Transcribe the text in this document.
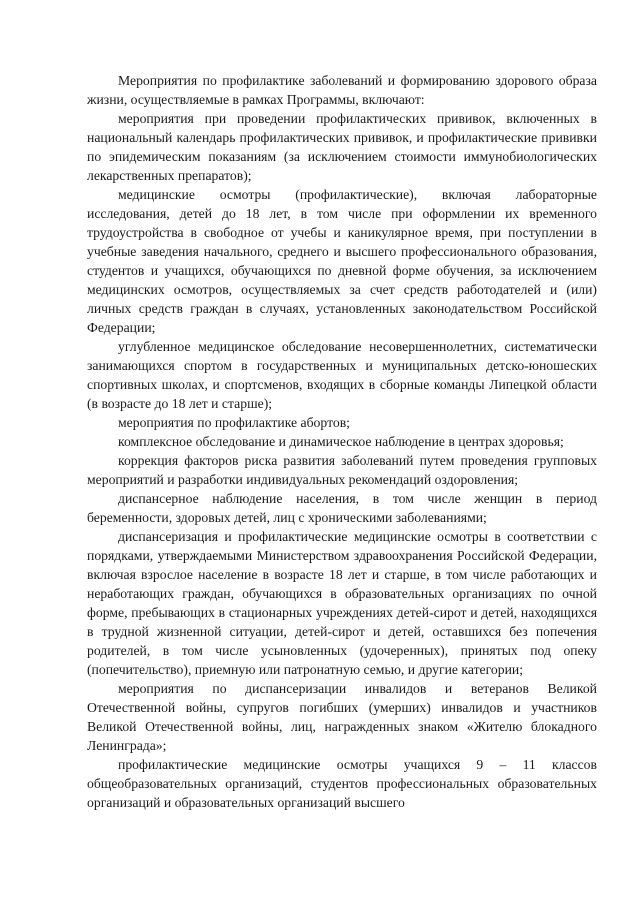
Мероприятия по профилактике заболеваний и формированию здорового образа жизни, осуществляемые в рамках Программы, включают:

мероприятия при проведении профилактических прививок, включенных в национальный календарь профилактических прививок, и профилактические прививки по эпидемическим показаниям (за исключением стоимости иммунобиологических лекарственных препаратов);

медицинские осмотры (профилактические), включая лабораторные исследования, детей до 18 лет, в том числе при оформлении их временного трудоустройства в свободное от учебы и каникулярное время, при поступлении в учебные заведения начального, среднего и высшего профессионального образования, студентов и учащихся, обучающихся по дневной форме обучения, за исключением медицинских осмотров, осуществляемых за счет средств работодателей и (или) личных средств граждан в случаях, установленных законодательством Российской Федерации;

углубленное медицинское обследование несовершеннолетних, систематически занимающихся спортом в государственных и муниципальных детско-юношеских спортивных школах, и спортсменов, входящих в сборные команды Липецкой области (в возрасте до 18 лет и старше);

мероприятия по профилактике абортов;

комплексное обследование и динамическое наблюдение в центрах здоровья;

коррекция факторов риска развития заболеваний путем проведения групповых мероприятий и разработки индивидуальных рекомендаций оздоровления;

диспансерное наблюдение населения, в том числе женщин в период беременности, здоровых детей, лиц с хроническими заболеваниями;

диспансеризация и профилактические медицинские осмотры в соответствии с порядками, утверждаемыми Министерством здравоохранения Российской Федерации, включая взрослое население в возрасте 18 лет и старше, в том числе работающих и неработающих граждан, обучающихся в образовательных организациях по очной форме, пребывающих в стационарных учреждениях детей-сирот и детей, находящихся в трудной жизненной ситуации, детей-сирот и детей, оставшихся без попечения родителей, в том числе усыновленных (удочеренных), принятых под опеку (попечительство), приемную или патронатную семью, и другие категории;

мероприятия по диспансеризации инвалидов и ветеранов Великой Отечественной войны, супругов погибших (умерших) инвалидов и участников Великой Отечественной войны, лиц, награжденных знаком «Жителю блокадного Ленинграда»;

профилактические медицинские осмотры учащихся 9 – 11 классов общеобразовательных организаций, студентов профессиональных образовательных организаций и образовательных организаций высшего
